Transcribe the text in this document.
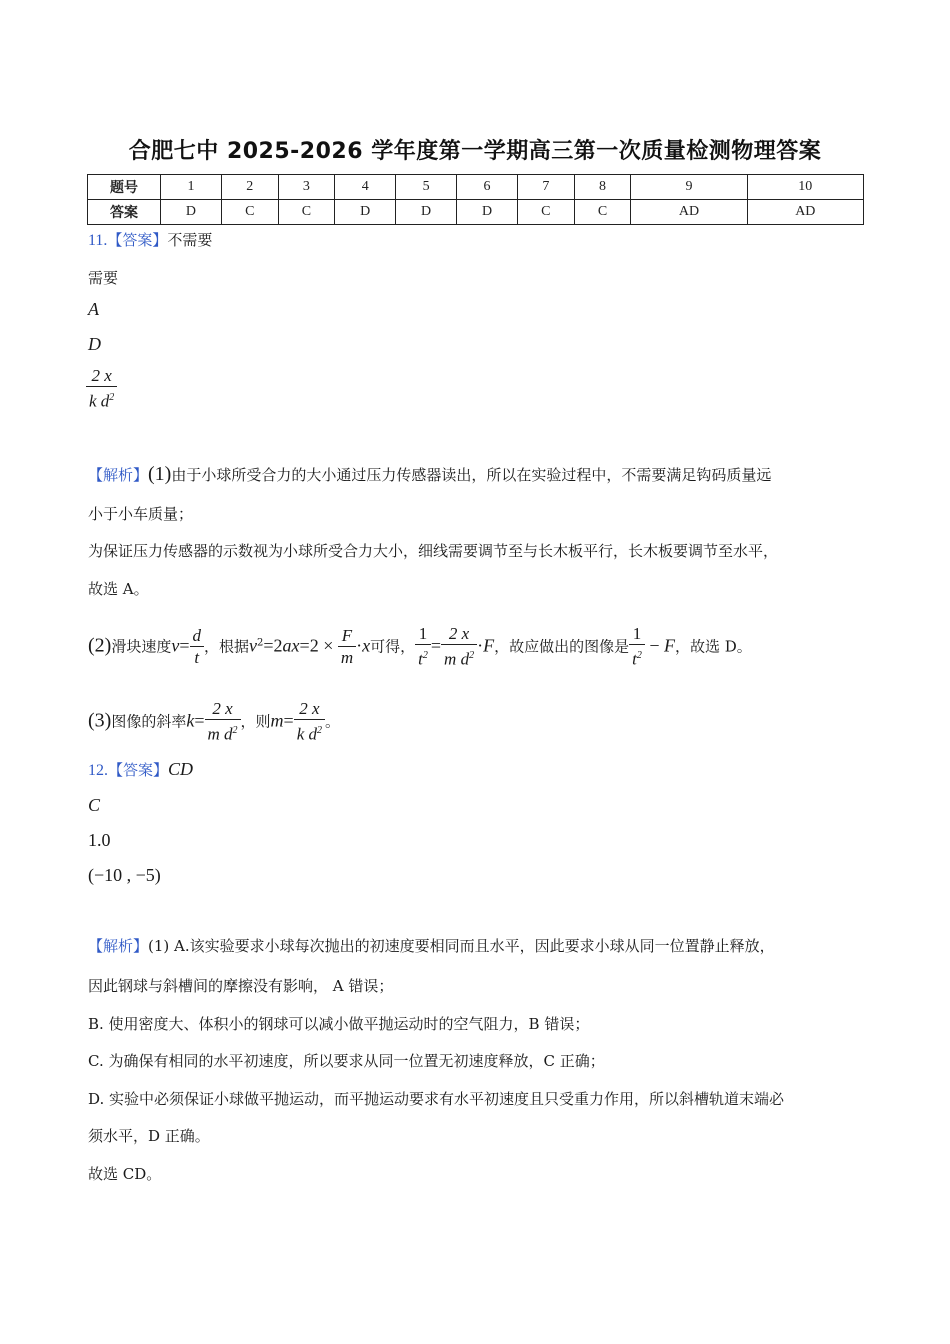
合肥七中 2025-2026 学年度第一学期高三第一次质量检测物理答案
题号	1	2	3	4	5	6	7	8	9	10
答案	D	C	C	D	D	D	C	C	AD	AD
11.【答案】不需要
需要
A
D
$\frac{2 x}{k d^2}$
【解析】(1)由于小球所受合力的大小通过压力传感器读出，所以在实验过程中，不需要满足钩码质量远
小于小车质量；
为保证压力传感器的示数视为小球所受合力大小，细线需要调节至与长木板平行，长木板要调节至水平，
故选 A。
(2)滑块速度$v= \frac{d}{t}$ ，根据$v^2=2ax=2 \times \frac{F}{m} \cdot x$可得， $\frac{1}{t^2} = \frac{2 x}{m d^2} \cdot F$，故应做出的图像是 $\frac{1}{t^2} - F$，故选 D。
(3)图像的斜率$k= \frac{2 x}{m d^2}$ ，则$m= \frac{2 x}{k d^2}$ 。
12.【答案】CD
C
1.0
(−10 , −5)
【解析】(1) A.该实验要求小球每次抛出的初速度要相同而且水平，因此要求小球从同一位置静止释放，
因此钢球与斜槽间的摩擦没有影响， A 错误；
B. 使用密度大、体积小的钢球可以减小做平抛运动时的空气阻力，B 错误；
C. 为确保有相同的水平初速度，所以要求从同一位置无初速度释放，C 正确；
D. 实验中必须保证小球做平抛运动，而平抛运动要求有水平初速度且只受重力作用，所以斜槽轨道末端必
须水平，D 正确。
故选 CD。
